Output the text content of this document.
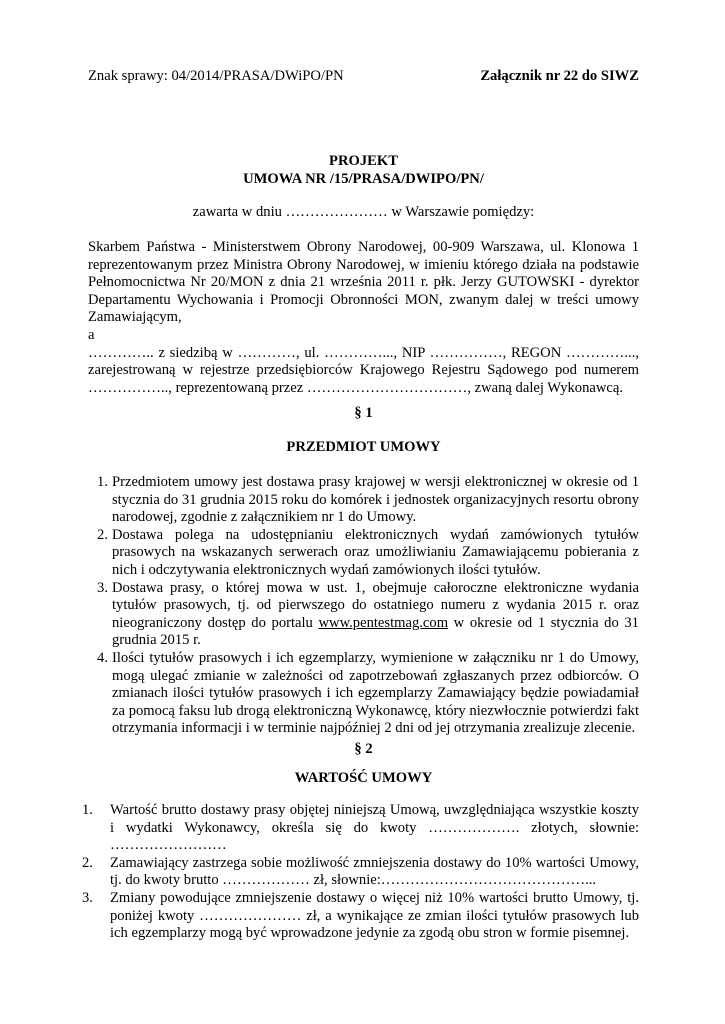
Znak sprawy: 04/2014/PRASA/DWiPO/PN	Załącznik nr 22 do SIWZ
PROJEKT
UMOWA NR /15/PRASA/DWIPO/PN/
zawarta w dniu ………………… w Warszawie pomiędzy:

Skarbem Państwa - Ministerstwem Obrony Narodowej, 00-909 Warszawa, ul. Klonowa 1 reprezentowanym przez Ministra Obrony Narodowej, w imieniu którego działa na podstawie Pełnomocnictwa Nr 20/MON z dnia 21 września 2011 r. płk. Jerzy GUTOWSKI - dyrektor Departamentu Wychowania i Promocji Obronności MON, zwanym dalej w treści umowy Zamawiającym,

a

………….. z siedzibą w …………, ul. …………..., NIP ……………, REGON …………..., zarejestrowaną w rejestrze przedsiębiorców Krajowego Rejestru Sądowego pod numerem …………….., reprezentowaną przez ……………………………, zwaną dalej Wykonawcą.

§ 1
PRZEDMIOT UMOWY
1. Przedmiotem umowy jest dostawa prasy krajowej w wersji elektronicznej w okresie od 1 stycznia do 31 grudnia 2015 roku do komórek i jednostek organizacyjnych resortu obrony narodowej, zgodnie z załącznikiem nr 1 do Umowy.
2. Dostawa polega na udostępnianiu elektronicznych wydań zamówionych tytułów prasowych na wskazanych serwerach oraz umożliwianiu Zamawiającemu pobierania z nich i odczytywania elektronicznych wydań zamówionych ilości tytułów.
3. Dostawa prasy, o której mowa w ust. 1, obejmuje całoroczne elektroniczne wydania tytułów prasowych, tj. od pierwszego do ostatniego numeru z wydania 2015 r. oraz nieograniczony dostęp do portalu www.pentestmag.com w okresie od 1 stycznia do 31 grudnia 2015 r.
4. Ilości tytułów prasowych i ich egzemplarzy, wymienione w załączniku nr 1 do Umowy, mogą ulegać zmianie w zależności od zapotrzebowań zgłaszanych przez odbiorców. O zmianach ilości tytułów prasowych i ich egzemplarzy Zamawiający będzie powiadamiał za pomocą faksu lub drogą elektroniczną Wykonawcę, który niezwłocznie potwierdzi fakt otrzymania informacji i w terminie najpóźniej 2 dni od jej otrzymania zrealizuje zlecenie.
§ 2
WARTOŚĆ UMOWY
1. Wartość brutto dostawy prasy objętej niniejszą Umową, uwzględniająca wszystkie koszty i wydatki Wykonawcy, określa się do kwoty ………………. złotych, słownie: ……………………
2. Zamawiający zastrzega sobie możliwość zmniejszenia dostawy do 10% wartości Umowy, tj. do kwoty brutto ……………… zł, słownie:……………………………………...
3. Zmiany powodujące zmniejszenie dostawy o więcej niż 10% wartości brutto Umowy, tj. poniżej kwoty ………………… zł, a wynikające ze zmian ilości tytułów prasowych lub ich egzemplarzy mogą być wprowadzone jedynie za zgodą obu stron w formie pisemnej.
